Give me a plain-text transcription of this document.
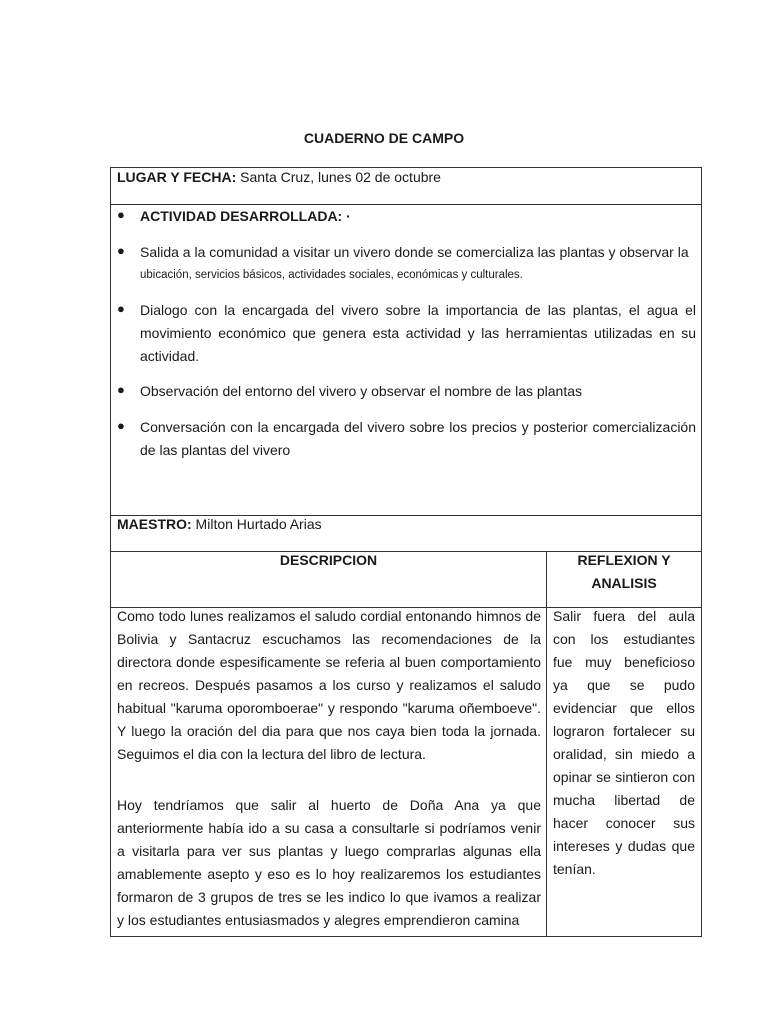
CUADERNO DE CAMPO
LUGAR Y FECHA: Santa Cruz, lunes 02 de octubre
● ACTIVIDAD DESARROLLADA: ·
● Salida a la comunidad a visitar un vivero donde se comercializa las plantas y observar la
ubicación, servicios básicos, actividades sociales, económicas y culturales.
● Dialogo con la encargada del vivero sobre la importancia de las plantas, el agua el movimiento económico que genera esta actividad y las herramientas utilizadas en su actividad.
● Observación del entorno del vivero y observar el nombre de las plantas
● Conversación con la encargada del vivero sobre los precios y posterior comercialización de las plantas del vivero
MAESTRO: Milton Hurtado Arias
DESCRIPCION	REFLEXION Y ANALISIS

Como todo lunes realizamos el saludo cordial entonando himnos de Bolivia y Santacruz escuchamos las recomendaciones de la directora donde espesificamente se referia al buen comportamiento en recreos. Después pasamos a los curso y realizamos el saludo habitual "karuma oporomboerae" y respondo "karuma oñemboeve". Y luego la oración del dia para que nos caya bien toda la jornada. Seguimos el dia con la lectura del libro de lectura.

Hoy tendríamos que salir al huerto de Doña Ana ya que anteriormente había ido a su casa a consultarle si podríamos venir a visitarla para ver sus plantas y luego comprarlas algunas ella amablemente asepto y eso es lo hoy realizaremos los estudiantes formaron de 3 grupos de tres se les indico lo que ivamos a realizar y los estudiantes entusiasmados y alegres emprendieron camina

Salir fuera del aula con los estudiantes fue muy beneficioso ya que se pudo evidenciar que ellos lograron fortalecer su oralidad, sin miedo a opinar se sintieron con mucha libertad de hacer conocer sus intereses y dudas que tenían.
